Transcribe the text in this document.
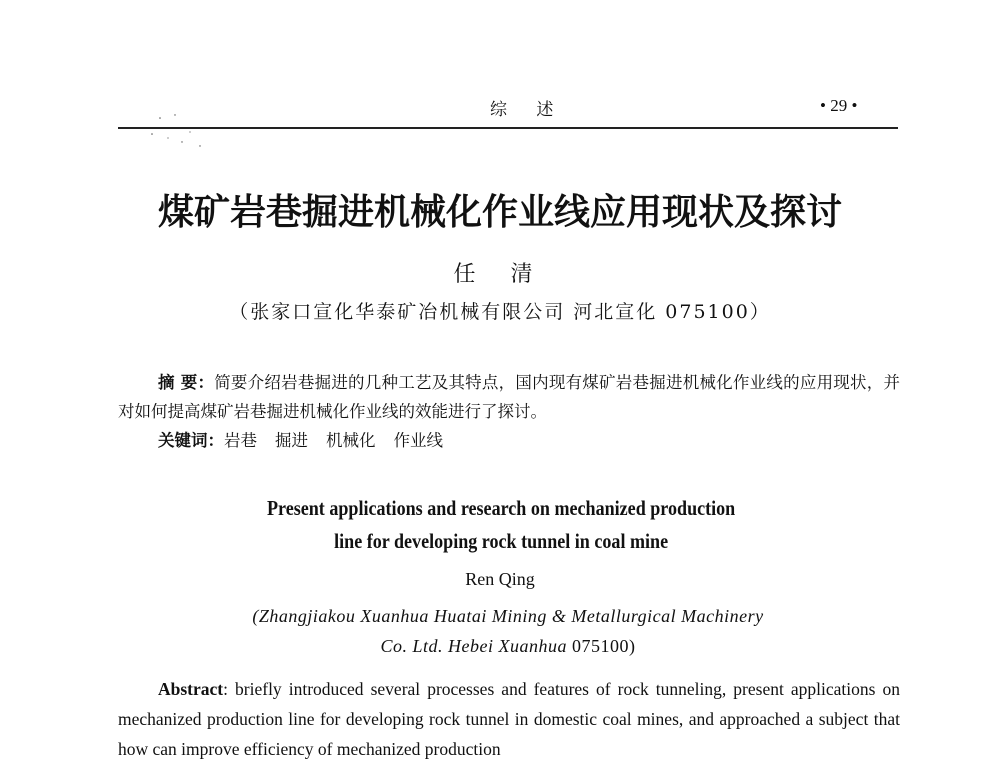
综 述	• 29 •
煤矿岩巷掘进机械化作业线应用现状及探讨
任 清
（张家口宣化华泰矿冶机械有限公司 河北宣化 075100）
摘 要：简要介绍岩巷掘进的几种工艺及其特点，国内现有煤矿岩巷掘进机械化作业线的应用现状，并对如何提高煤矿岩巷掘进机械化作业线的效能进行了探讨。
关键词：岩巷 掘进 机械化 作业线
Present applications and research on mechanized production
line for developing rock tunnel in coal mine
Ren Qing
(Zhangjiakou Xuanhua Huatai Mining & Metallurgical Machinery
Co. Ltd. Hebei Xuanhua 075100)
Abstract: briefly introduced several processes and features of rock tunneling, present applications on mechanized production line for developing rock tunnel in domestic coal mines, and approached a subject that how can improve efficiency of mechanized production
